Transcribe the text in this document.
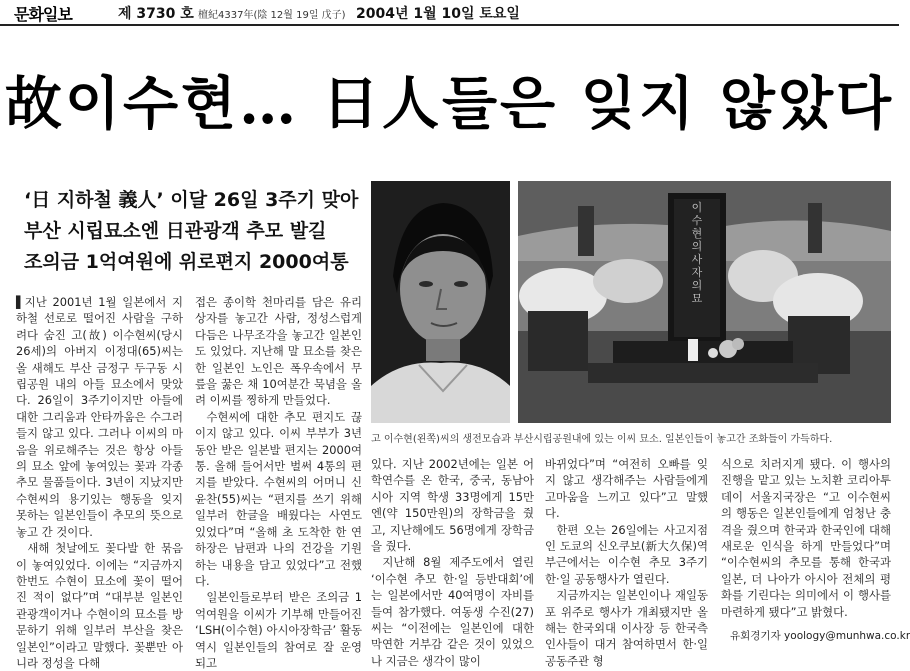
문화일보	제 3730 호 檀紀4337年(陰 12월 19일 戊子) 2004년 1월 10일 토요일
故이수현… 日人들은 잊지 않았다
‘日 지하철 義人’ 이달 26일 3주기 맞아
부산 시립묘소엔 日관광객 추모 발길
조의금 1억여원에 위로편지 2000여통
이수현 의사자의 묘
고 이수현(왼쪽)씨의 생전모습과 부산시립공원내에 있는 이씨 묘소. 일본인들이 놓고간 조화들이 가득하다.

▌지난 2001년 1월 일본에서 지하철 선로로 떨어진 사람을 구하려다 숨진 고(故) 이수현씨(당시 26세)의 아버지 이정대(65)씨는 올 새해도 부산 금정구 두구동 시립공원 내의 아들 묘소에서 맞았다. 26일이 3주기이지만 아들에 대한 그리움과 안타까움은 수그러들지 않고 있다. 그러나 이씨의 마음을 위로해주는 것은 항상 아들의 묘소 앞에 놓여있는 꽃과 각종 추모 물품들이다. 3년이 지났지만 수현씨의 용기있는 행동을 잊지 못하는 일본인들이 추모의 뜻으로 놓고 간 것이다.

새해 첫날에도 꽃다발 한 묶음이 놓여있었다. 이에는 “지금까지 한번도 수현이 묘소에 꽃이 떨어진 적이 없다”며 “대부분 일본인 관광객이거나 수현이의 묘소를 방문하기 위해 일부러 부산을 찾은 일본인”이라고 말했다. 꽃뿐만 아니라 정성을 다해

접은 종이학 천마리를 담은 유리상자를 놓고간 사람, 정성스럽게 다듬은 나무조각을 놓고간 일본인도 있었다. 지난해 말 묘소를 찾은 한 일본인 노인은 폭우속에서 무릎을 꿇은 채 10여분간 묵념을 올려 이씨를 찡하게 만들었다.

수현씨에 대한 추모 편지도 끊이지 않고 있다. 이씨 부부가 3년동안 받은 일본발 편지는 2000여통. 올해 들어서만 벌써 4통의 편지를 받았다. 수현씨의 어머니 신윤찬(55)씨는 “편지를 쓰기 위해 일부러 한글을 배웠다는 사연도 있었다”며 “올해 초 도착한 한 연하장은 남편과 나의 건강을 기원하는 내용을 담고 있었다”고 전했다.

일본인들로부터 받은 조의금 1억여원을 이씨가 기부해 만들어진 ‘LSH(이수현) 아시아장학금’ 활동 역시 일본인들의 참여로 잘 운영되고

있다. 지난 2002년에는 일본 어학연수를 온 한국, 중국, 동남아시아 지역 학생 33명에게 15만엔(약 150만원)의 장학금을 줬고, 지난해에도 56명에게 장학금을 줬다.

지난해 8월 제주도에서 열린 ‘이수현 추모 한·일 등반대회’에는 일본에서만 40여명이 자비를 들여 참가했다. 여동생 수진(27)씨는 “이전에는 일본인에 대한 막연한 거부감 같은 것이 있었으나 지금은 생각이 많이

바뀌었다”며 “여전히 오빠를 잊지 않고 생각해주는 사람들에게 고마움을 느끼고 있다”고 말했다.

한편 오는 26일에는 사고지점인 도쿄의 신오쿠보(新大久保)역 부근에서는 이수현 추모 3주기 한·일 공동행사가 열린다.

지금까지는 일본인이나 재일동포 위주로 행사가 개최됐지만 올해는 한국외대 이사장 등 한국측 인사들이 대거 참여하면서 한·일 공동주관 형

식으로 치러지게 됐다. 이 행사의 진행을 맡고 있는 노치환 코리아투데이 서울지국장은 “고 이수현씨의 행동은 일본인들에게 엄청난 충격을 줬으며 한국과 한국인에 대해 새로운 인식을 하게 만들었다”며 “이수현씨의 추모를 통해 한국과 일본, 더 나아가 아시아 전체의 평화를 기린다는 의미에서 이 행사를 마련하게 됐다”고 밝혔다.

유회경기자 yoology@munhwa.co.kr
